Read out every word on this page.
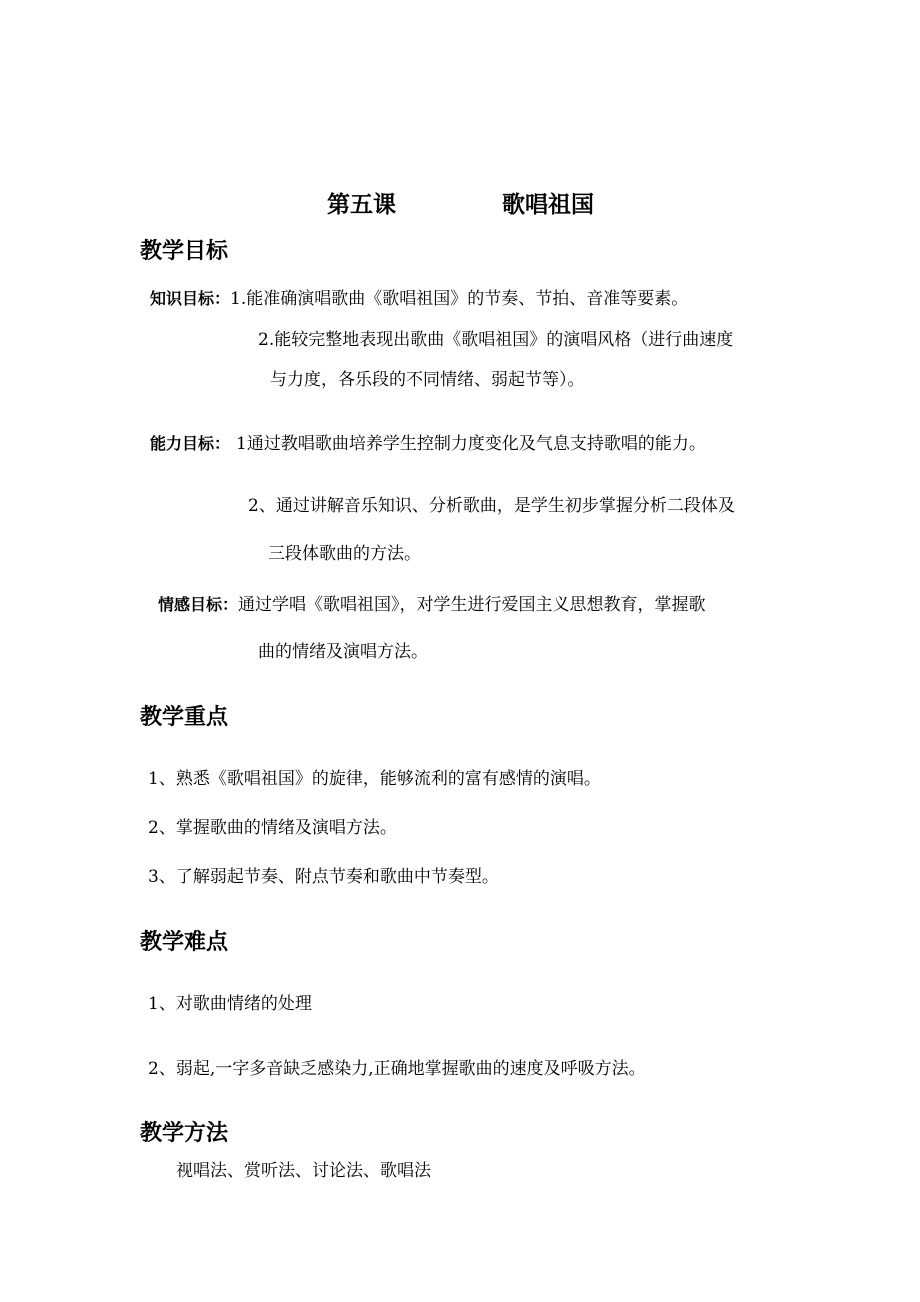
第五课	歌唱祖国
教学目标
知识目标： 1.能准确演唱歌曲《歌唱祖国》的节奏、节拍、音准等要素。
2.能较完整地表现出歌曲《歌唱祖国》的演唱风格（进行曲速度
与力度，各乐段的不同情绪、弱起节等）。
能力目标： 1通过教唱歌曲培养学生控制力度变化及气息支持歌唱的能力。
2、通过讲解音乐知识、分析歌曲，是学生初步掌握分析二段体及
三段体歌曲的方法。
情感目标： 通过学唱《歌唱祖国》，对学生进行爱国主义思想教育，掌握歌
曲的情绪及演唱方法。
教学重点
1、熟悉《歌唱祖国》的旋律，能够流利的富有感情的演唱。
2、掌握歌曲的情绪及演唱方法。
3、了解弱起节奏、附点节奏和歌曲中节奏型。
教学难点
1、对歌曲情绪的处理
2、弱起,一字多音缺乏感染力,正确地掌握歌曲的速度及呼吸方法。
教学方法
视唱法、赏听法、讨论法、歌唱法
